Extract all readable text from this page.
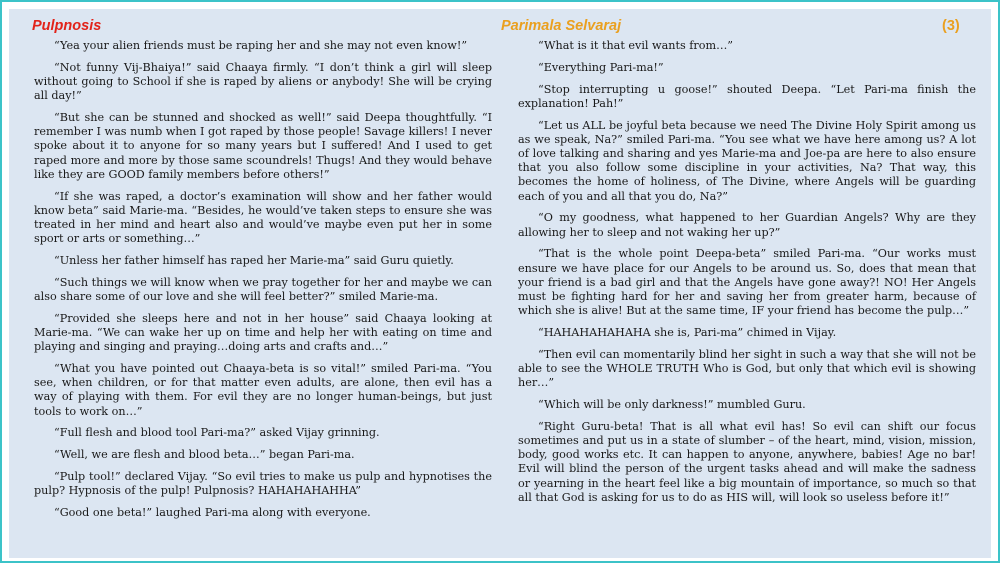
Pulpnosis	Parimala Selvaraj	(3)

“Yea your alien friends must be raping her and she may not even know!”

“Not funny Vij-Bhaiya!” said Chaaya firmly. “I don’t think a girl will sleep without going to School if she is raped by aliens or anybody! She will be crying all day!”

“But she can be stunned and shocked as well!” said Deepa thoughtfully. “I remember I was numb when I got raped by those people! Savage killers! I never spoke about it to anyone for so many years but I suffered! And I used to get raped more and more by those same scoundrels! Thugs! And they would behave like they are GOOD family members before others!”

“If she was raped, a doctor’s examination will show and her father would know beta” said Marie-ma. “Besides, he would’ve taken steps to ensure she was treated in her mind and heart also and would’ve maybe even put her in some sport or arts or something…”

“Unless her father himself has raped her Marie-ma” said Guru quietly.

“Such things we will know when we pray together for her and maybe we can also share some of our love and she will feel better?” smiled Marie-ma.

“Provided she sleeps here and not in her house” said Chaaya looking at Marie-ma. “We can wake her up on time and help her with eating on time and playing and singing and praying…doing arts and crafts and…”

“What you have pointed out Chaaya-beta is so vital!” smiled Pari-ma. “You see, when children, or for that matter even adults, are alone, then evil has a way of playing with them. For evil they are no longer human-beings, but just tools to work on…”

“Full flesh and blood tool Pari-ma?” asked Vijay grinning.

“Well, we are flesh and blood beta…” began Pari-ma.

“Pulp tool!” declared Vijay. “So evil tries to make us pulp and hypnotises the pulp? Hypnosis of the pulp! Pulpnosis? HAHAHAHAHHA”

“Good one beta!” laughed Pari-ma along with everyone.

“What is it that evil wants from…”

“Everything Pari-ma!”

“Stop interrupting u goose!” shouted Deepa. “Let Pari-ma finish the explanation! Pah!”

“Let us ALL be joyful beta because we need The Divine Holy Spirit among us as we speak, Na?” smiled Pari-ma. “You see what we have here among us? A lot of love talking and sharing and yes Marie-ma and Joe-pa are here to also ensure that you also follow some discipline in your activities, Na? That way, this becomes the home of holiness, of The Divine, where Angels will be guarding each of you and all that you do, Na?”

“O my goodness, what happened to her Guardian Angels? Why are they allowing her to sleep and not waking her up?”

“That is the whole point Deepa-beta” smiled Pari-ma. “Our works must ensure we have place for our Angels to be around us. So, does that mean that your friend is a bad girl and that the Angels have gone away?! NO! Her Angels must be fighting hard for her and saving her from greater harm, because of which she is alive! But at the same time, IF your friend has become the pulp…”

“HAHAHAHAHAHA she is, Pari-ma” chimed in Vijay.

“Then evil can momentarily blind her sight in such a way that she will not be able to see the WHOLE TRUTH Who is God, but only that which evil is showing her…”

“Which will be only darkness!” mumbled Guru.

“Right Guru-beta! That is all what evil has! So evil can shift our focus sometimes and put us in a state of slumber – of the heart, mind, vision, mission, body, good works etc. It can happen to anyone, anywhere, babies! Age no bar! Evil will blind the person of the urgent tasks ahead and will make the sadness or yearning in the heart feel like a big mountain of importance, so much so that all that God is asking for us to do as HIS will, will look so useless before it!”
